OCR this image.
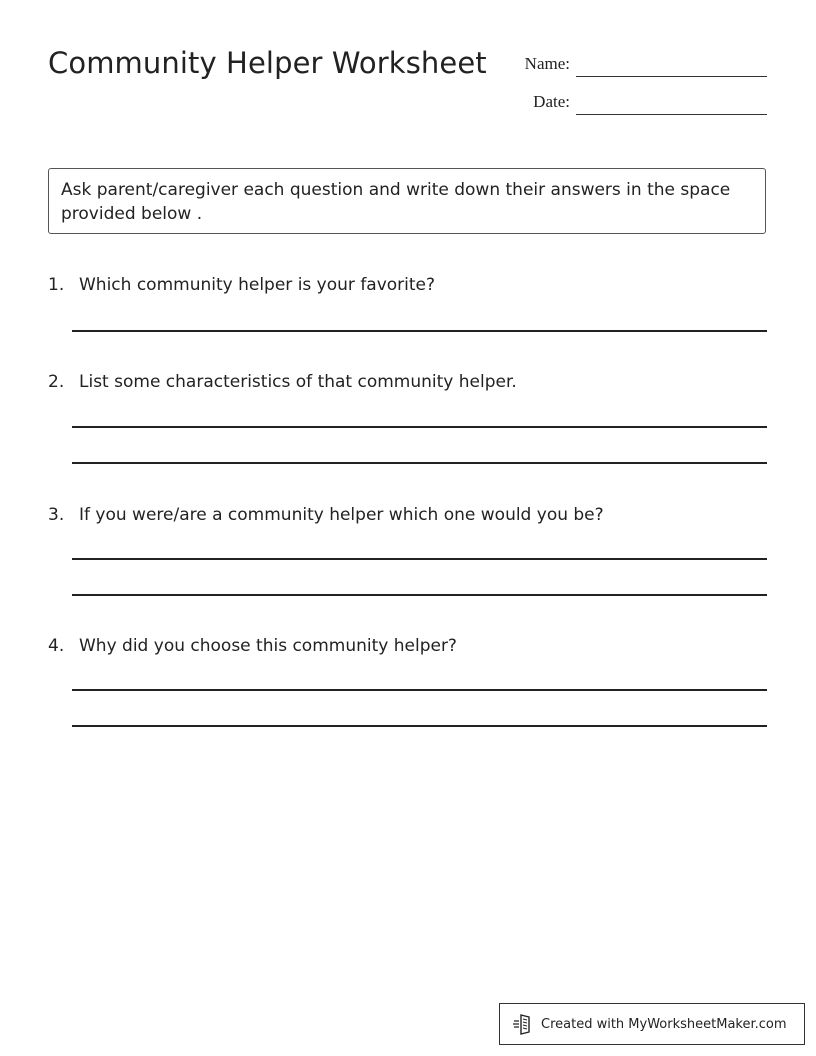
Community Helper Worksheet	Name:
Date:
Ask parent/caregiver each question and write down their answers in the space provided below .
1. Which community helper is your favorite?
2. List some characteristics of that community helper.
3. If you were/are a community helper which one would you be?
4. Why did you choose this community helper?
Created with MyWorksheetMaker.com
